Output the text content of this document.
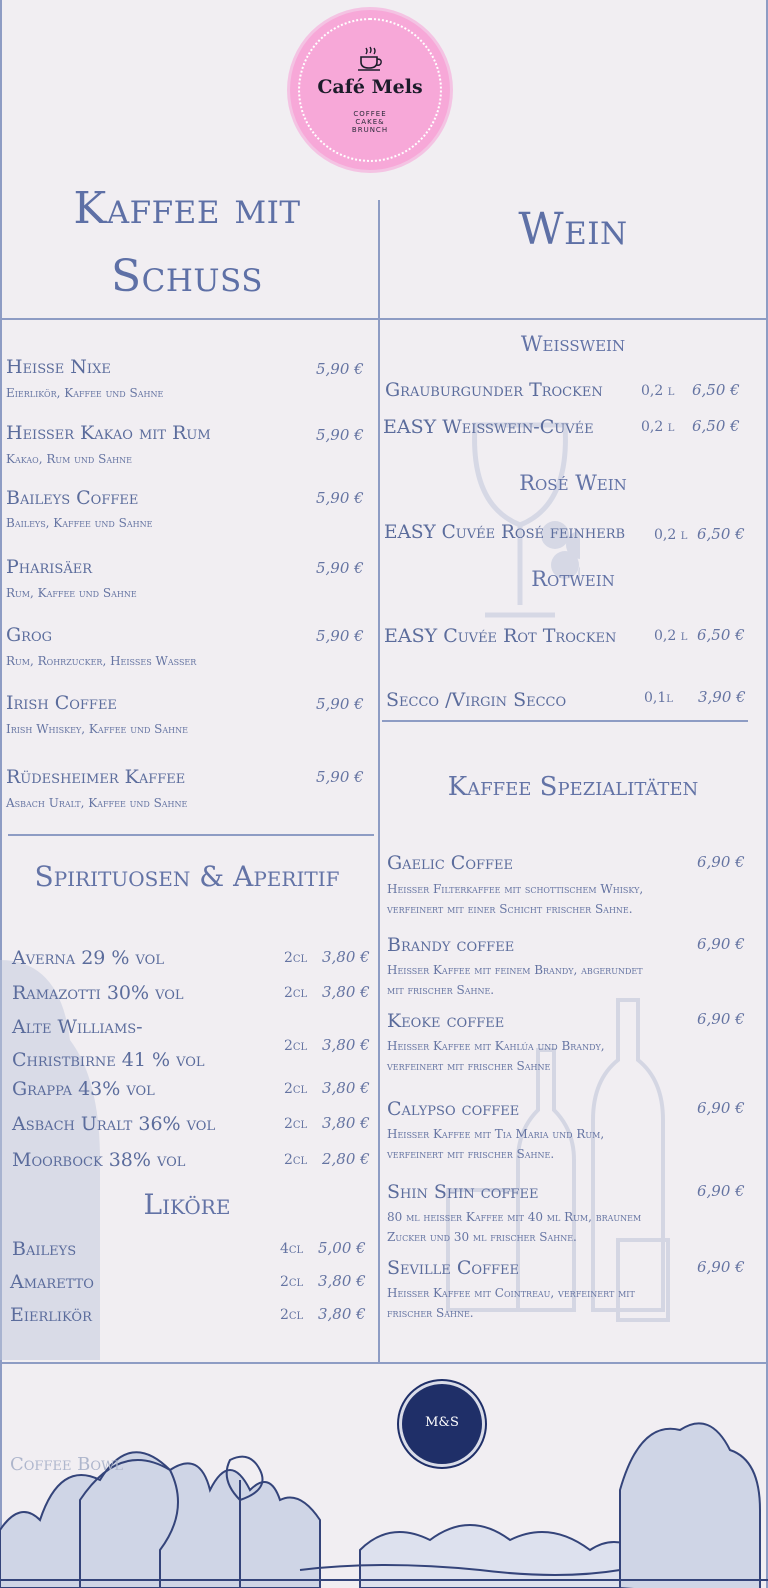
Café Mels
COFFEE
CAKE&
BRUNCH
Kaffee mit
Schuss
Heisse Nixe
Eierlikör, Kaffee und Sahne
5,90 €
Heisser Kakao mit Rum
Kakao, Rum und Sahne
5,90 €
Baileys Coffee
Baileys, Kaffee und Sahne
5,90 €
Pharisäer
Rum, Kaffee und Sahne
5,90 €
Grog
Rum, Rohrzucker, Heisses Wasser
5,90 €
Irish Coffee
Irish Whiskey, Kaffee und Sahne
5,90 €
Rüdesheimer Kaffee
Asbach Uralt, Kaffee und Sahne
5,90 €
Spirituosen & Aperitif
Averna 29 % vol	2cl 3,80 €
Ramazotti 30% vol	2cl 3,80 €
Alte Williams-
Christbirne 41 % vol
2cl 3,80 €
Grappa 43% vol	2cl 3,80 €
Asbach Uralt 36% vol	2cl 3,80 €
Moorbock 38% vol	2cl 2,80 €
Liköre
Baileys	4cl 5,00 €
Amaretto	2cl 3,80 €
Eierlikör	2cl 3,80 €
Wein
Weisswein
Grauburgunder Trocken	0,2 l 6,50 €
EASY Weisswein-Cuvée	0,2 l 6,50 €
Rosé Wein
EASY Cuvée Rosé feinherb 0,2 l 6,50 €
Rotwein
EASY Cuvée Rot Trocken	0,2 l 6,50 €
Secco /Virgin Secco	0,1l 3,90 €
Kaffee Spezialitäten
Gaelic Coffee	6,90 €
Heisser Filterkaffee mit schottischem Whisky,
verfeinert mit einer Schicht frischer Sahne.
Brandy coffee	6,90 €
Heisser Kaffee mit feinem Brandy, abgerundet
mit frischer Sahne.
Keoke coffee	6,90 €
Heisser Kaffee mit Kahlúa und Brandy,
verfeinert mit frischer Sahne
Calypso coffee	6,90 €
Heisser Kaffee mit Tia Maria und Rum,
verfeinert mit frischer Sahne.
Shin Shin coffee	6,90 €
80 ml heisser Kaffee mit 40 ml Rum, braunem
Zucker und 30 ml frischer Sahne.
Seville Coffee	6,90 €
Heisser Kaffee mit Cointreau, verfeinert mit
frischer Sahne.
Coffee Bowl
M&S
